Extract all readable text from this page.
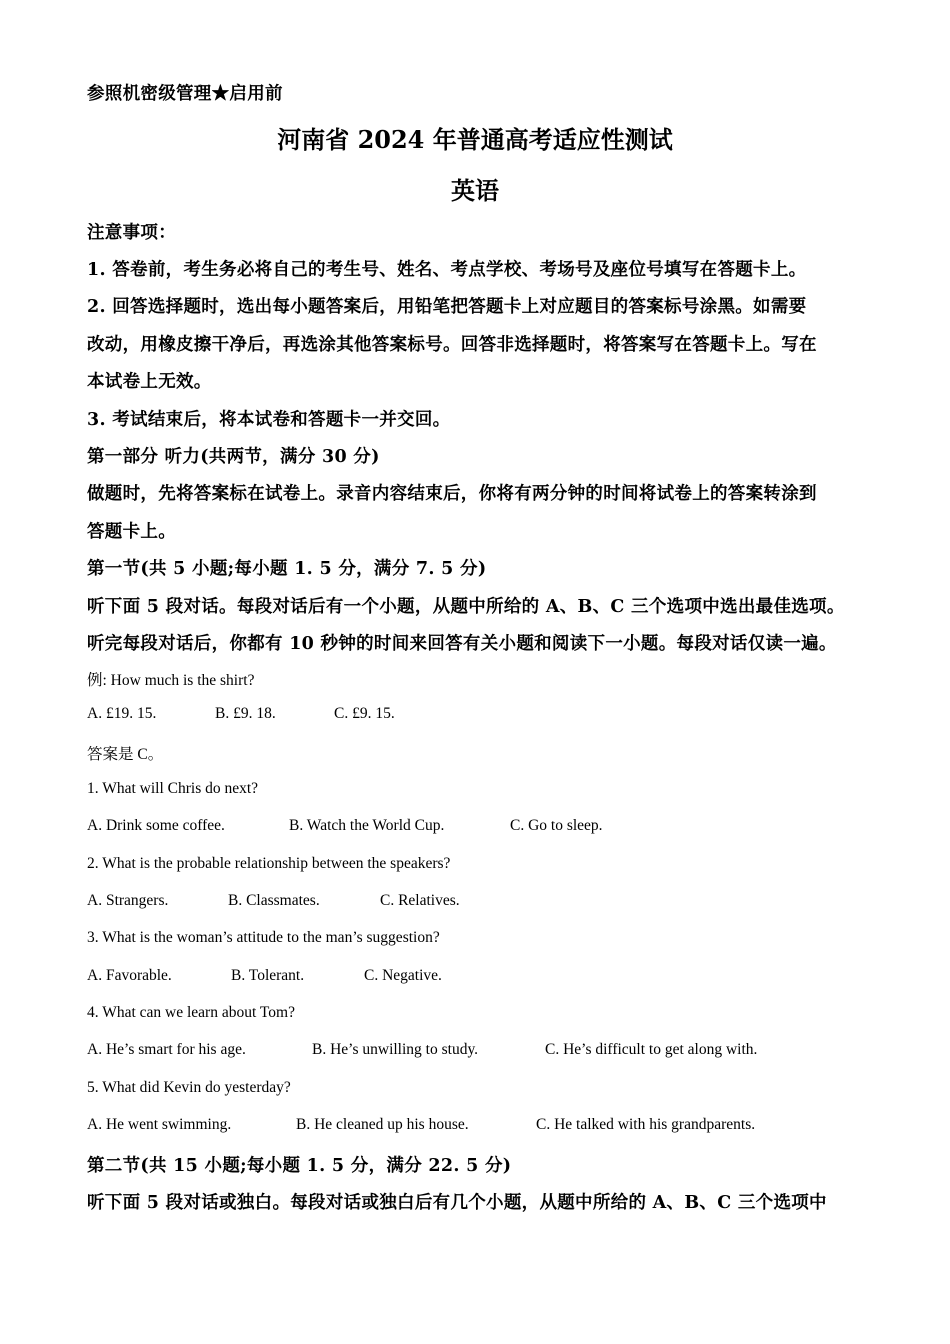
参照机密级管理★启用前
河南省 2024 年普通高考适应性测试
英语
注意事项：
1. 答卷前，考生务必将自己的考生号、姓名、考点学校、考场号及座位号填写在答题卡上。
2. 回答选择题时，选出每小题答案后，用铅笔把答题卡上对应题目的答案标号涂黑。如需要
改动，用橡皮擦干净后，再选涂其他答案标号。回答非选择题时，将答案写在答题卡上。写在
本试卷上无效。
3. 考试结束后，将本试卷和答题卡一并交回。
第一部分 听力(共两节，满分 30 分)
做题时，先将答案标在试卷上。录音内容结束后，你将有两分钟的时间将试卷上的答案转涂到
答题卡上。
第一节(共 5 小题;每小题 1. 5 分，满分 7. 5 分)
听下面 5 段对话。每段对话后有一个小题，从题中所给的 A、B、C 三个选项中选出最佳选项。
听完每段对话后，你都有 10 秒钟的时间来回答有关小题和阅读下一小题。每段对话仅读一遍。
例: How much is the shirt?
A. £19. 15.	B. £9. 18.	C. £9. 15.
答案是 C。
1. What will Chris do next?
A. Drink some coffee.	B. Watch the World Cup.	C. Go to sleep.
2. What is the probable relationship between the speakers?
A. Strangers.	B. Classmates.	C. Relatives.
3. What is the woman’s attitude to the man’s suggestion?
A. Favorable.	B. Tolerant.	C. Negative.
4. What can we learn about Tom?
A. He’s smart for his age.	B. He’s unwilling to study.	C. He’s difficult to get along with.
5. What did Kevin do yesterday?
A. He went swimming.	B. He cleaned up his house.	C. He talked with his grandparents.
第二节(共 15 小题;每小题 1. 5 分，满分 22. 5 分)
听下面 5 段对话或独白。每段对话或独白后有几个小题，从题中所给的 A、B、C 三个选项中
